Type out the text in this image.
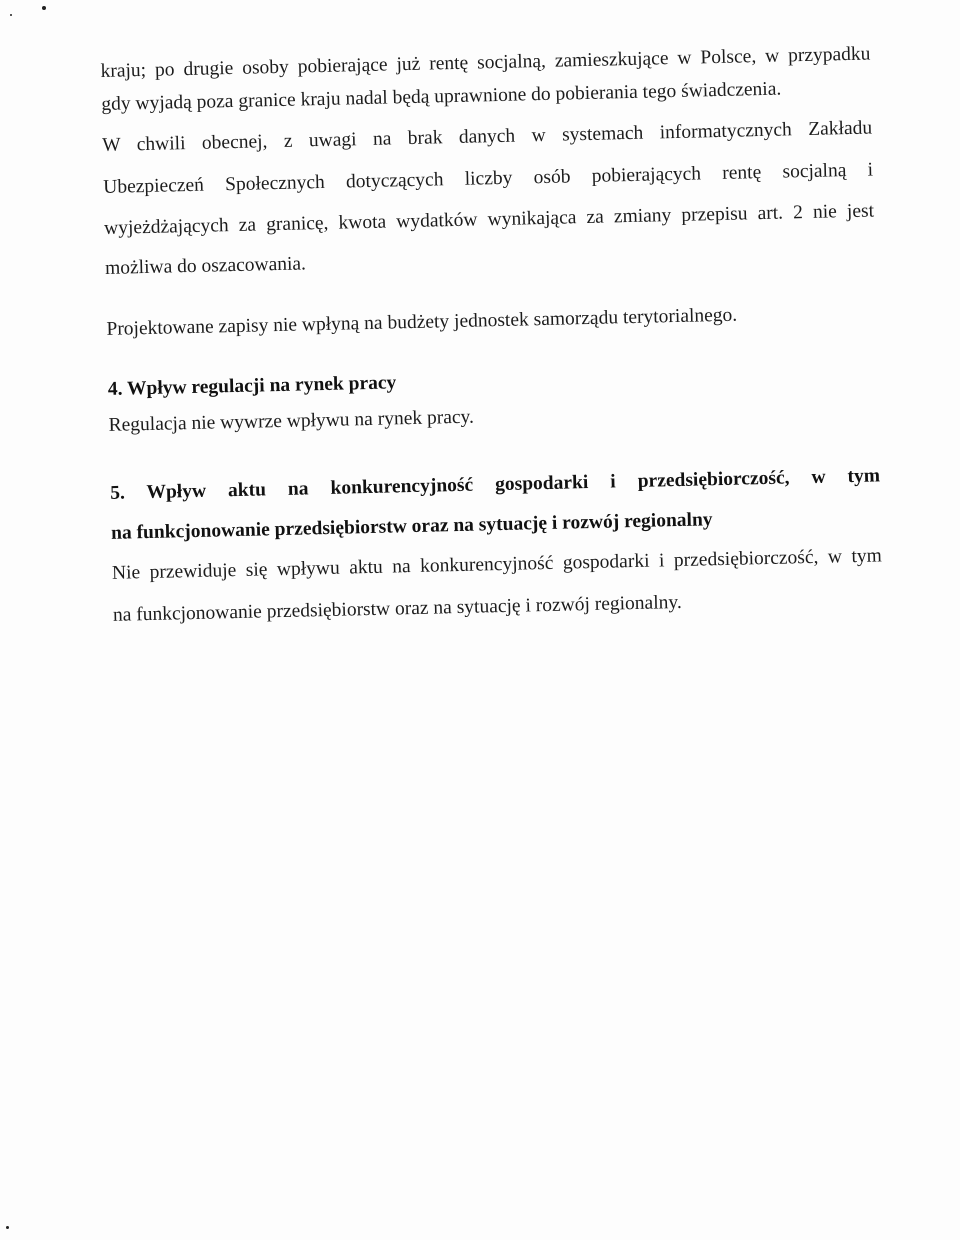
kraju; po drugie osoby pobierające już rentę socjalną, zamieszkujące w Polsce, w przypadku
gdy wyjadą poza granice kraju nadal będą uprawnione do pobierania tego świadczenia.
W chwili obecnej, z uwagi na brak danych w systemach informatycznych Zakładu
Ubezpieczeń Społecznych dotyczących liczby osób pobierających rentę socjalną i
wyjeżdżających za granicę, kwota wydatków wynikająca za zmiany przepisu art. 2 nie jest
możliwa do oszacowania.
Projektowane zapisy nie wpłyną na budżety jednostek samorządu terytorialnego.
4. Wpływ regulacji na rynek pracy
Regulacja nie wywrze wpływu na rynek pracy.
5. Wpływ aktu na konkurencyjność gospodarki i przedsiębiorczość, w tym
na funkcjonowanie przedsiębiorstw oraz na sytuację i rozwój regionalny
Nie przewiduje się wpływu aktu na konkurencyjność gospodarki i przedsiębiorczość, w tym
na funkcjonowanie przedsiębiorstw oraz na sytuację i rozwój regionalny.
